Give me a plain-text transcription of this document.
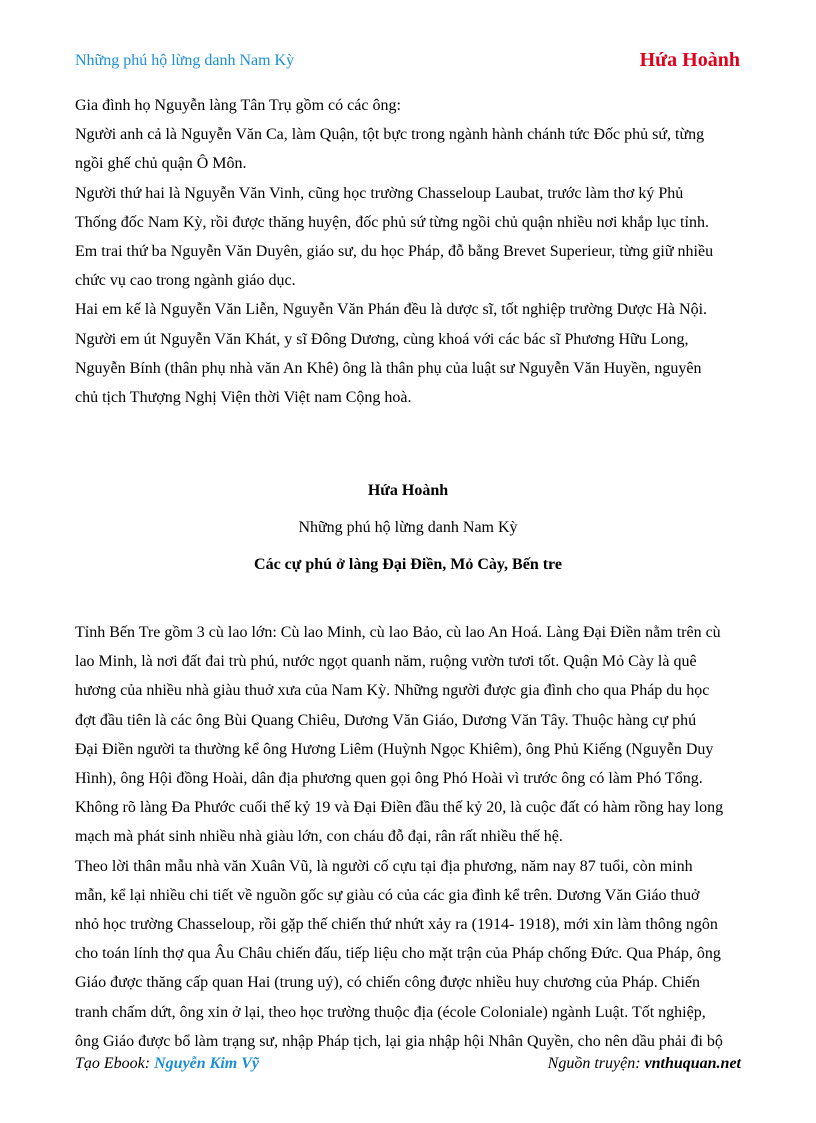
Những phú hộ lừng danh Nam Kỳ	Hứa Hoành

Gia đình họ Nguyễn làng Tân Trụ gồm có các ông:

Người anh cả là Nguyễn Văn Ca, làm Quận, tột bực trong ngành hành chánh tức Đốc phủ sứ, từng

ngồi ghế chủ quận Ô Môn.

Người thứ hai là Nguyễn Văn Vinh, cũng học trường Chasseloup Laubat, trước làm thơ ký Phủ

Thống đốc Nam Kỳ, rồi được thăng huyện, đốc phủ sứ từng ngồi chủ quận nhiều nơi khắp lục tỉnh.

Em trai thứ ba Nguyễn Văn Duyên, giáo sư, du học Pháp, đỗ bằng Brevet Superieur, từng giữ nhiều

chức vụ cao trong ngành giáo dục.

Hai em kế là Nguyễn Văn Liễn, Nguyễn Văn Phán đều là dược sĩ, tốt nghiệp trường Dược Hà Nội.

Người em út Nguyễn Văn Khát, y sĩ Đông Dương, cùng khoá với các bác sĩ Phương Hữu Long,

Nguyễn Bính (thân phụ nhà văn An Khê) ông là thân phụ của luật sư Nguyễn Văn Huyền, nguyên

chủ tịch Thượng Nghị Viện thời Việt nam Cộng hoà.

Hứa Hoành
Những phú hộ lừng danh Nam Kỳ
Các cự phú ở làng Đại Điền, Mỏ Cày, Bến tre

Tỉnh Bến Tre gồm 3 cù lao lớn: Cù lao Minh, cù lao Bảo, cù lao An Hoá. Làng Đại Điền nằm trên cù

lao Minh, là nơi đất đai trù phú, nước ngọt quanh năm, ruộng vườn tươi tốt. Quận Mỏ Cày là quê

hương của nhiều nhà giàu thuở xưa của Nam Kỳ. Những người được gia đình cho qua Pháp du học

đợt đầu tiên là các ông Bùi Quang Chiêu, Dương Văn Giáo, Dương Văn Tây. Thuộc hàng cự phú

Đại Điền người ta thường kể ông Hương Liêm (Huỳnh Ngọc Khiêm), ông Phủ Kiếng (Nguyễn Duy

Hình), ông Hội đồng Hoài, dân địa phương quen gọi ông Phó Hoài vì trước ông có làm Phó Tổng.

Không rõ làng Đa Phước cuối thế kỷ 19 và Đại Điền đầu thế kỷ 20, là cuộc đất có hàm rồng hay long

mạch mà phát sinh nhiều nhà giàu lớn, con cháu đỗ đại, rân rất nhiều thế hệ.

Theo lời thân mẫu nhà văn Xuân Vũ, là người cố cựu tại địa phương, năm nay 87 tuổi, còn minh

mẫn, kể lại nhiều chi tiết về nguồn gốc sự giàu có của các gia đình kể trên. Dương Văn Giáo thuở

nhỏ học trường Chasseloup, rồi gặp thế chiến thứ nhứt xảy ra (1914- 1918), mới xin làm thông ngôn

cho toán lính thợ qua Âu Châu chiến đấu, tiếp liệu cho mặt trận của Pháp chống Đức. Qua Pháp, ông

Giáo được thăng cấp quan Hai (trung uý), có chiến công được nhiều huy chương của Pháp. Chiến

tranh chấm dứt, ông xin ở lại, theo học trường thuộc địa (école Coloniale) ngành Luật. Tốt nghiệp,

ông Giáo được bổ làm trạng sư, nhập Pháp tịch, lại gia nhập hội Nhân Quyền, cho nên dầu phải đi bộ

Tạo Ebook: Nguyễn Kim Vỹ	Nguồn truyện: vnthuquan.net
